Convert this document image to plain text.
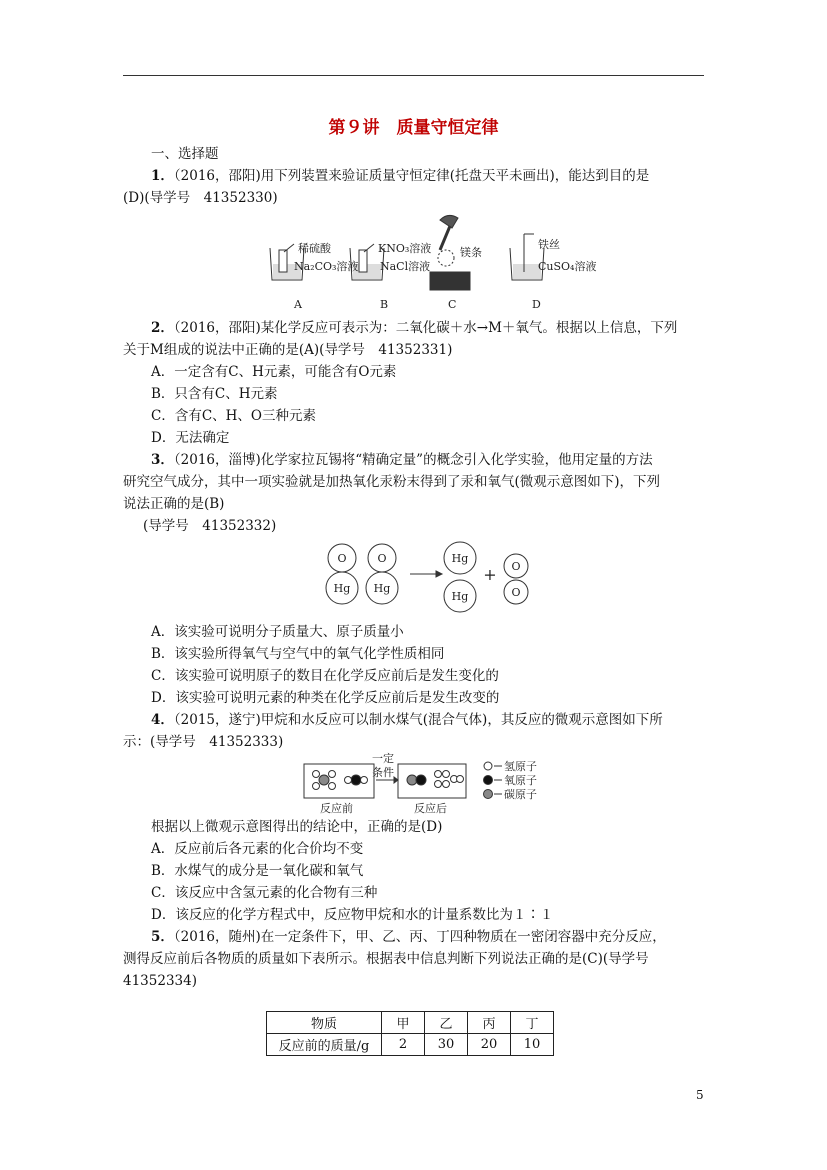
第９讲　质量守恒定律
一、选择题
1．（2016，邵阳)用下列装置来验证质量守恒定律(托盘天平未画出)，能达到目的是
(D)(导学号　41352330)
稀硫酸
Na₂CO₃溶液
KNO₃溶液
NaCl溶液
镁条
铁丝
CuSO₄溶液
A	B	C	D
2．（2016，邵阳)某化学反应可表示为：二氧化碳＋水→M＋氧气。根据以上信息，下列
关于M组成的说法中正确的是(A)(导学号　41352331)
A．一定含有C、H元素，可能含有O元素
B．只含有C、H元素
C．含有C、H、O三种元素
D．无法确定
3．（2016，淄博)化学家拉瓦锡将“精确定量”的概念引入化学实验，他用定量的方法
研究空气成分，其中一项实验就是加热氧化汞粉末得到了汞和氧气(微观示意图如下)，下列
说法正确的是(B)
(导学号　41352332)
O
Hg
O
Hg
Hg
Hg
+ O
O
A．该实验可说明分子质量大、原子质量小
B．该实验所得氧气与空气中的氧气化学性质相同
C．该实验可说明原子的数目在化学反应前后是发生变化的
D．该实验可说明元素的种类在化学反应前后是发生改变的
4．（2015，遂宁)甲烷和水反应可以制水煤气(混合气体)，其反应的微观示意图如下所
示：(导学号　41352333)
一定
条件
反应前	反应后
氢原子
氧原子
碳原子
根据以上微观示意图得出的结论中，正确的是(D)
A．反应前后各元素的化合价均不变
B．水煤气的成分是一氧化碳和氧气
C．该反应中含氢元素的化合物有三种
D．该反应的化学方程式中，反应物甲烷和水的计量系数比为１∶１
5．（2016，随州)在一定条件下，甲、乙、丙、丁四种物质在一密闭容器中充分反应，
测得反应前后各物质的质量如下表所示。根据表中信息判断下列说法正确的是(C)(导学号
41352334)
物质	甲	乙	丙	丁
反应前的质量/g	2	30	20	10
5
